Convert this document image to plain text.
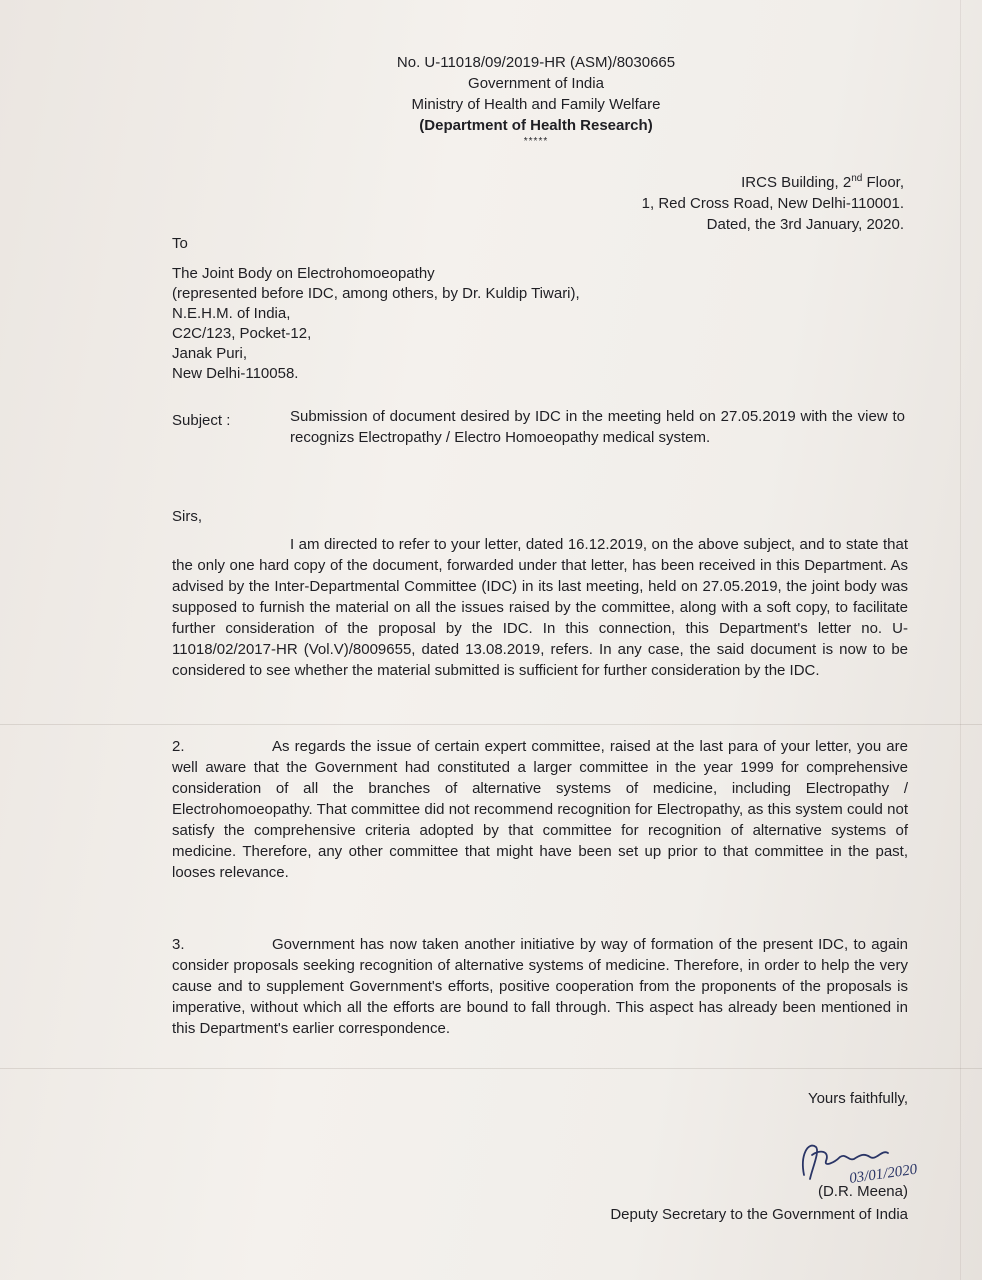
No. U-11018/09/2019-HR (ASM)/8030665
Government of India
Ministry of Health and Family Welfare
(Department of Health Research)
*****
IRCS Building, 2nd Floor,
1, Red Cross Road, New Delhi-110001.
Dated, the 3rd January, 2020.
To
The Joint Body on Electrohomoeopathy
(represented before IDC, among others, by Dr. Kuldip Tiwari),
N.E.H.M. of India,
C2C/123, Pocket-12,
Janak Puri,
New Delhi-110058.
Subject :	Submission of document desired by IDC in the meeting held on 27.05.2019 with the view to recognizs Electropathy / Electro Homoeopathy medical system.
Sirs,
I am directed to refer to your letter, dated 16.12.2019, on the above subject, and to state that the only one hard copy of the document, forwarded under that letter, has been received in this Department. As advised by the Inter-Departmental Committee (IDC) in its last meeting, held on 27.05.2019, the joint body was supposed to furnish the material on all the issues raised by the committee, along with a soft copy, to facilitate further consideration of the proposal by the IDC. In this connection, this Department's letter no. U-11018/02/2017-HR (Vol.V)/8009655, dated 13.08.2019, refers. In any case, the said document is now to be considered to see whether the material submitted is sufficient for further consideration by the IDC.
2.	As regards the issue of certain expert committee, raised at the last para of your letter, you are well aware that the Government had constituted a larger committee in the year 1999 for comprehensive consideration of all the branches of alternative systems of medicine, including Electropathy / Electrohomoeopathy. That committee did not recommend recognition for Electropathy, as this system could not satisfy the comprehensive criteria adopted by that committee for recognition of alternative systems of medicine. Therefore, any other committee that might have been set up prior to that committee in the past, looses relevance.
3.	Government has now taken another initiative by way of formation of the present IDC, to again consider proposals seeking recognition of alternative systems of medicine. Therefore, in order to help the very cause and to supplement Government's efforts, positive cooperation from the proponents of the proposals is imperative, without which all the efforts are bound to fall through. This aspect has already been mentioned in this Department's earlier correspondence.
Yours faithfully,
03/01/2020
(D.R. Meena)
Deputy Secretary to the Government of India
